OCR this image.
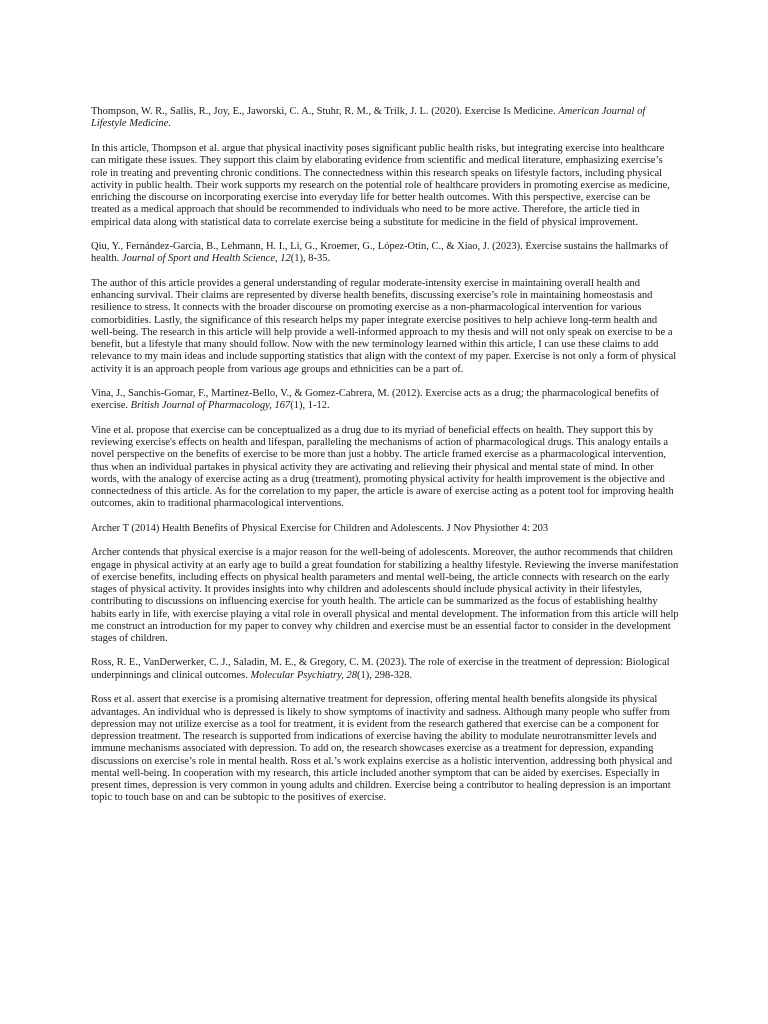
Thompson, W. R., Sallis, R., Joy, E., Jaworski, C. A., Stuhr, R. M., & Trilk, J. L. (2020). Exercise Is Medicine. American Journal of Lifestyle Medicine.

In this article, Thompson et al. argue that physical inactivity poses significant public health risks, but integrating exercise into healthcare can mitigate these issues. They support this claim by elaborating evidence from scientific and medical literature, emphasizing exercise’s role in treating and preventing chronic conditions. The connectedness within this research speaks on lifestyle factors, including physical activity in public health. Their work supports my research on the potential role of healthcare providers in promoting exercise as medicine, enriching the discourse on incorporating exercise into everyday life for better health outcomes. With this perspective, exercise can be treated as a medical approach that should be recommended to individuals who need to be more active. Therefore, the article tied in empirical data along with statistical data to correlate exercise being a substitute for medicine in the field of physical improvement.

Qiu, Y., Fernández-García, B., Lehmann, H. I., Li, G., Kroemer, G., López-Otín, C., & Xiao, J. (2023). Exercise sustains the hallmarks of health. Journal of Sport and Health Science, 12(1), 8-35.

The author of this article provides a general understanding of regular moderate-intensity exercise in maintaining overall health and enhancing survival. Their claims are represented by diverse health benefits, discussing exercise’s role in maintaining homeostasis and resilience to stress. It connects with the broader discourse on promoting exercise as a non-pharmacological intervention for various comorbidities. Lastly, the significance of this research helps my paper integrate exercise positives to help achieve long-term health and well-being. The research in this article will help provide a well-informed approach to my thesis and will not only speak on exercise to be a benefit, but a lifestyle that many should follow. Now with the new terminology learned within this article, I can use these claims to add relevance to my main ideas and include supporting statistics that align with the context of my paper. Exercise is not only a form of physical activity it is an approach people from various age groups and ethnicities can be a part of.

Vina, J., Sanchis-Gomar, F., Martinez-Bello, V., & Gomez-Cabrera, M. (2012). Exercise acts as a drug; the pharmacological benefits of exercise. British Journal of Pharmacology, 167(1), 1-12.

Vine et al. propose that exercise can be conceptualized as a drug due to its myriad of beneficial effects on health. They support this by reviewing exercise's effects on health and lifespan, paralleling the mechanisms of action of pharmacological drugs. This analogy entails a novel perspective on the benefits of exercise to be more than just a hobby. The article framed exercise as a pharmacological intervention, thus when an individual partakes in physical activity they are activating and relieving their physical and mental state of mind. In other words, with the analogy of exercise acting as a drug (treatment), promoting physical activity for health improvement is the objective and connectedness of this article. As for the correlation to my paper, the article is aware of exercise acting as a potent tool for improving health outcomes, akin to traditional pharmacological interventions.

Archer T (2014) Health Benefits of Physical Exercise for Children and Adolescents. J Nov Physiother 4: 203

Archer contends that physical exercise is a major reason for the well-being of adolescents. Moreover, the author recommends that children engage in physical activity at an early age to build a great foundation for stabilizing a healthy lifestyle. Reviewing the inverse manifestation of exercise benefits, including effects on physical health parameters and mental well-being, the article connects with research on the early stages of physical activity. It provides insights into why children and adolescents should include physical activity in their lifestyles, contributing to discussions on influencing exercise for youth health. The article can be summarized as the focus of establishing healthy habits early in life, with exercise playing a vital role in overall physical and mental development. The information from this article will help me construct an introduction for my paper to convey why children and exercise must be an essential factor to consider in the development stages of children.

Ross, R. E., VanDerwerker, C. J., Saladin, M. E., & Gregory, C. M. (2023). The role of exercise in the treatment of depression: Biological underpinnings and clinical outcomes. Molecular Psychiatry, 28(1), 298-328.

Ross et al. assert that exercise is a promising alternative treatment for depression, offering mental health benefits alongside its physical advantages. An individual who is depressed is likely to show symptoms of inactivity and sadness. Although many people who suffer from depression may not utilize exercise as a tool for treatment, it is evident from the research gathered that exercise can be a component for depression treatment. The research is supported from indications of exercise having the ability to modulate neurotransmitter levels and immune mechanisms associated with depression. To add on, the research showcases exercise as a treatment for depression, expanding discussions on exercise’s role in mental health. Ross et al.’s work explains exercise as a holistic intervention, addressing both physical and mental well-being. In cooperation with my research, this article included another symptom that can be aided by exercises. Especially in present times, depression is very common in young adults and children. Exercise being a contributor to healing depression is an important topic to touch base on and can be subtopic to the positives of exercise.
